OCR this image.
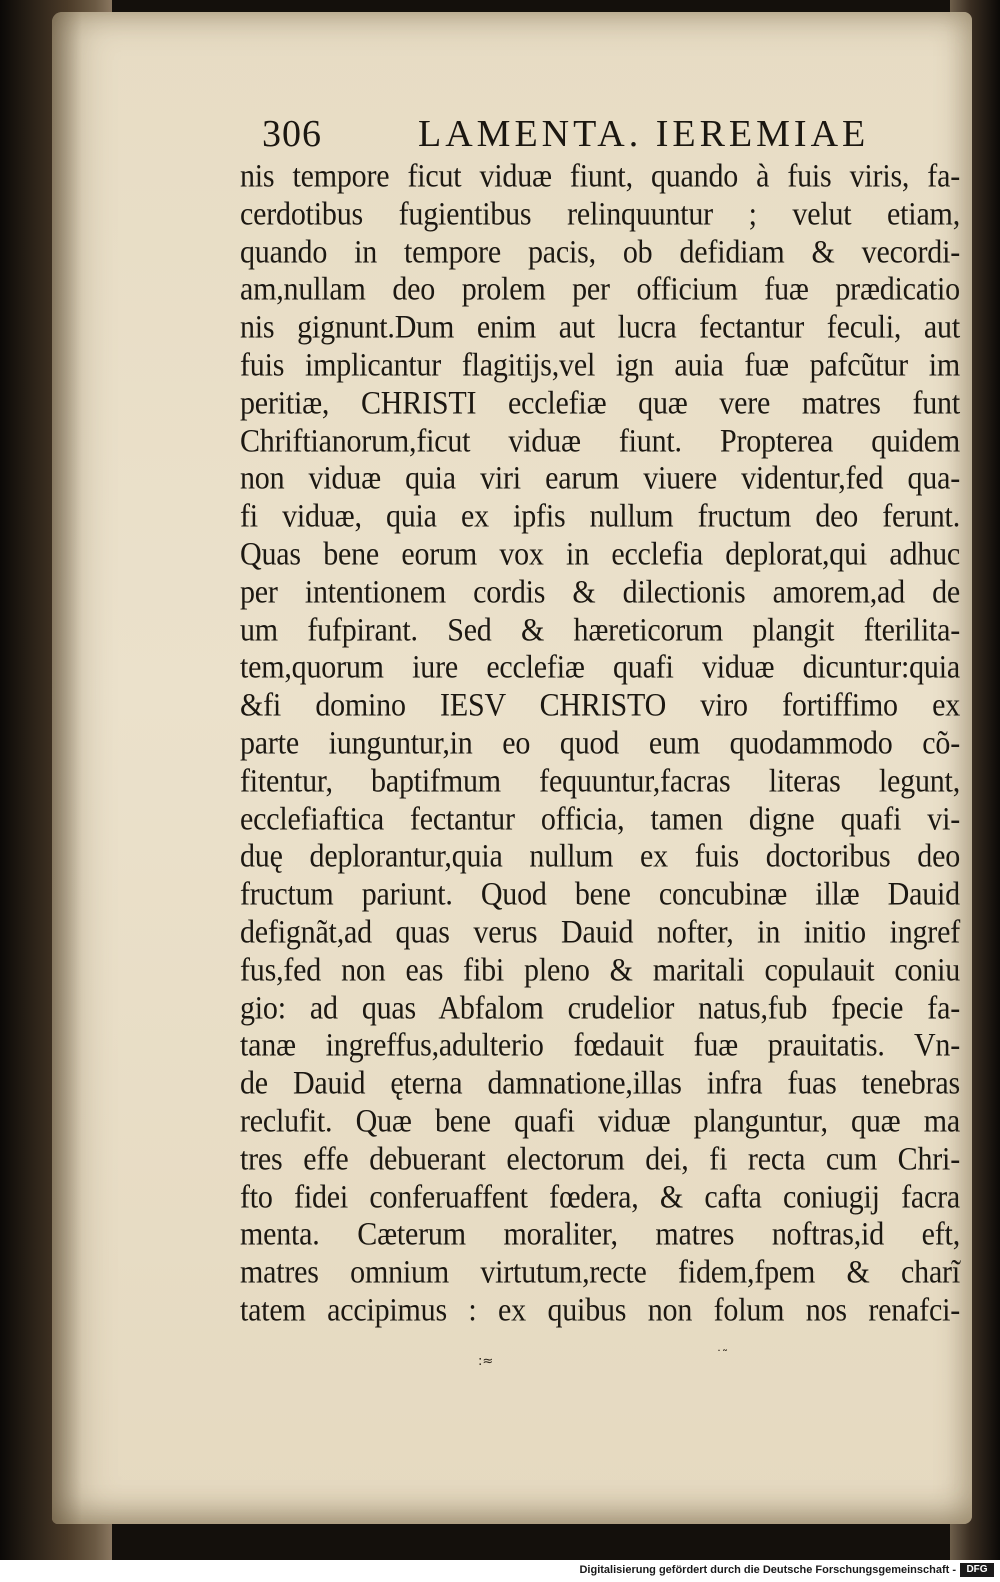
306	LAMENTA. IEREMIAE
nis tempore ficut viduæ fiunt, quando à fuis viris, fa-
cerdotibus fugientibus relinquuntur ; velut etiam,
quando in tempore pacis, ob defidiam & vecordi-
am,nullam deo prolem per officium fuæ prædicatio
nis gignunt.Dum enim aut lucra fectantur feculi, aut
fuis implicantur flagitijs,vel ign auia fuæ pafcũtur im
peritiæ, CHRISTI ecclefiæ quæ vere matres funt
Chriftianorum,ficut viduæ fiunt. Propterea quidem
non viduæ quia viri earum viuere videntur,fed qua-
fi viduæ, quia ex ipfis nullum fructum deo ferunt.
Quas bene eorum vox in ecclefia deplorat,qui adhuc
per intentionem cordis & dilectionis amorem,ad de
um fufpirant. Sed & hæreticorum plangit fterilita-
tem,quorum iure ecclefiæ quafi viduæ dicuntur:quia
&fi domino IESV CHRISTO viro fortiffimo ex
parte iunguntur,in eo quod eum quodammodo cõ-
fitentur, baptifmum fequuntur,facras literas legunt,
ecclefiaftica fectantur officia, tamen digne quafi vi-
duę deplorantur,quia nullum ex fuis doctoribus deo
fructum pariunt. Quod bene concubinæ illæ Dauid
defignãt,ad quas verus Dauid nofter, in initio ingref
fus,fed non eas fibi pleno & maritali copulauit coniu
gio: ad quas Abfalom crudelior natus,fub fpecie fa-
tanæ ingreffus,adulterio fœdauit fuæ prauitatis. Vn-
de Dauid ęterna damnatione,illas infra fuas tenebras
reclufit. Quæ bene quafi viduæ planguntur, quæ ma
tres effe debuerant electorum dei, fi recta cum Chri-
fto fidei conferuaffent fœdera, & cafta coniugij facra
menta. Cæterum moraliter, matres noftras,id eft,
matres omnium virtutum,recte fidem,fpem & charĩ
tatem accipimus : ex quibus non folum nos renafci-
:≈	˙˜
Digitalisierung gefördert durch die Deutsche Forschungsgemeinschaft -	DFG
